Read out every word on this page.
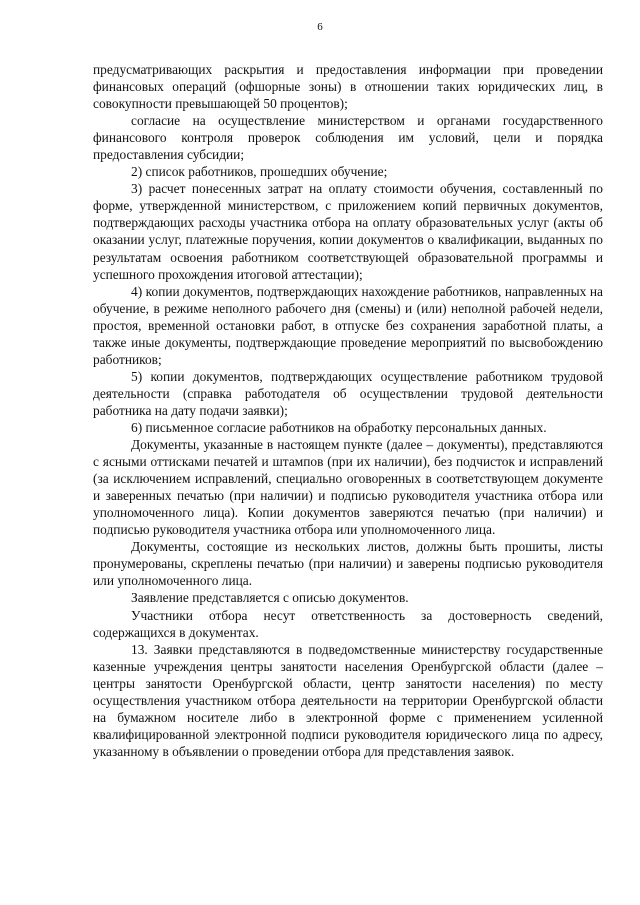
6

предусматривающих раскрытия и предоставления информации при проведении финансовых операций (офшорные зоны) в отношении таких юридических лиц, в совокупности превышающей 50 процентов);

согласие на осуществление министерством и органами государственного финансового контроля проверок соблюдения им условий, цели и порядка предоставления субсидии;

2) список работников, прошедших обучение;

3) расчет понесенных затрат на оплату стоимости обучения, составленный по форме, утвержденной министерством, с приложением копий первичных документов, подтверждающих расходы участника отбора на оплату образовательных услуг (акты об оказании услуг, платежные поручения, копии документов о квалификации, выданных по результатам освоения работником соответствующей образовательной программы и успешного прохождения итоговой аттестации);

4) копии документов, подтверждающих нахождение работников, направленных на обучение, в режиме неполного рабочего дня (смены) и (или) неполной рабочей недели, простоя, временной остановки работ, в отпуске без сохранения заработной платы, а также иные документы, подтверждающие проведение мероприятий по высвобождению работников;

5) копии документов, подтверждающих осуществление работником трудовой деятельности (справка работодателя об осуществлении трудовой деятельности работника на дату подачи заявки);

6) письменное согласие работников на обработку персональных данных.

Документы, указанные в настоящем пункте (далее – документы), представляются с ясными оттисками печатей и штампов (при их наличии), без подчисток и исправлений (за исключением исправлений, специально оговоренных в соответствующем документе и заверенных печатью (при наличии) и подписью руководителя участника отбора или уполномоченного лица). Копии документов заверяются печатью (при наличии) и подписью руководителя участника отбора или уполномоченного лица.

Документы, состоящие из нескольких листов, должны быть прошиты, листы пронумерованы, скреплены печатью (при наличии) и заверены подписью руководителя или уполномоченного лица.

Заявление представляется с описью документов.

Участники отбора несут ответственность за достоверность сведений, содержащихся в документах.

13. Заявки представляются в подведомственные министерству государственные казенные учреждения центры занятости населения Оренбургской области (далее – центры занятости Оренбургской области, центр занятости населения) по месту осуществления участником отбора деятельности на территории Оренбургской области на бумажном носителе либо в электронной форме с применением усиленной квалифицированной электронной подписи руководителя юридического лица по адресу, указанному в объявлении о проведении отбора для представления заявок.
